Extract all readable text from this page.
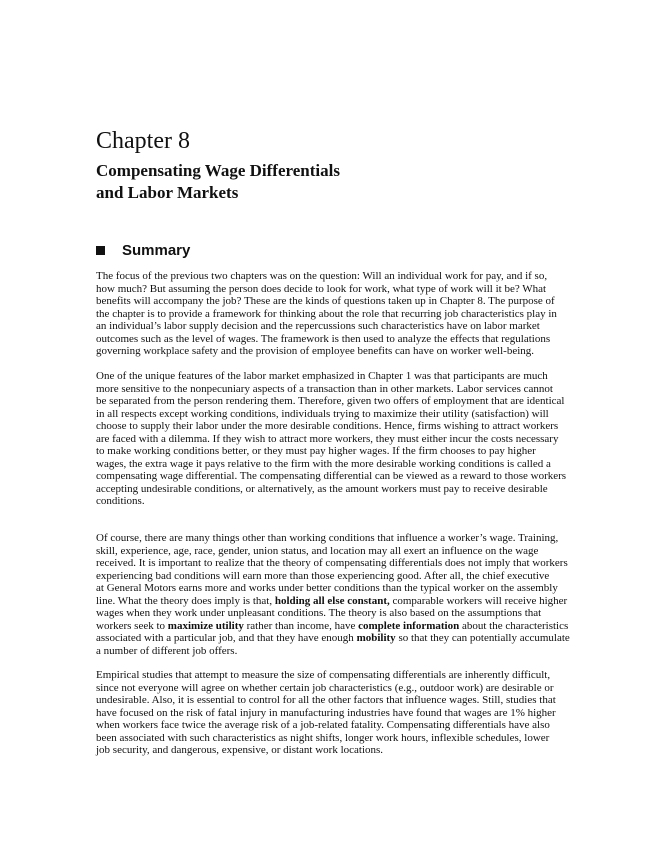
Chapter 8
Compensating Wage Differentials
and Labor Markets
Summary
The focus of the previous two chapters was on the question: Will an individual work for pay, and if so,
how much? But assuming the person does decide to look for work, what type of work will it be? What
benefits will accompany the job? These are the kinds of questions taken up in Chapter 8. The purpose of
the chapter is to provide a framework for thinking about the role that recurring job characteristics play in
an individual’s labor supply decision and the repercussions such characteristics have on labor market
outcomes such as the level of wages. The framework is then used to analyze the effects that regulations
governing workplace safety and the provision of employee benefits can have on worker well-being.
One of the unique features of the labor market emphasized in Chapter 1 was that participants are much
more sensitive to the nonpecuniary aspects of a transaction than in other markets. Labor services cannot
be separated from the person rendering them. Therefore, given two offers of employment that are identical
in all respects except working conditions, individuals trying to maximize their utility (satisfaction) will
choose to supply their labor under the more desirable conditions. Hence, firms wishing to attract workers
are faced with a dilemma. If they wish to attract more workers, they must either incur the costs necessary
to make working conditions better, or they must pay higher wages. If the firm chooses to pay higher
wages, the extra wage it pays relative to the firm with the more desirable working conditions is called a
compensating wage differential. The compensating differential can be viewed as a reward to those workers
accepting undesirable conditions, or alternatively, as the amount workers must pay to receive desirable
conditions.
Of course, there are many things other than working conditions that influence a worker’s wage. Training,
skill, experience, age, race, gender, union status, and location may all exert an influence on the wage
received. It is important to realize that the theory of compensating differentials does not imply that workers
experiencing bad conditions will earn more than those experiencing good. After all, the chief executive
at General Motors earns more and works under better conditions than the typical worker on the assembly
line. What the theory does imply is that, holding all else constant, comparable workers will receive higher
wages when they work under unpleasant conditions. The theory is also based on the assumptions that
workers seek to maximize utility rather than income, have complete information about the characteristics
associated with a particular job, and that they have enough mobility so that they can potentially accumulate
a number of different job offers.
Empirical studies that attempt to measure the size of compensating differentials are inherently difficult,
since not everyone will agree on whether certain job characteristics (e.g., outdoor work) are desirable or
undesirable. Also, it is essential to control for all the other factors that influence wages. Still, studies that
have focused on the risk of fatal injury in manufacturing industries have found that wages are 1% higher
when workers face twice the average risk of a job-related fatality. Compensating differentials have also
been associated with such characteristics as night shifts, longer work hours, inflexible schedules, lower
job security, and dangerous, expensive, or distant work locations.
